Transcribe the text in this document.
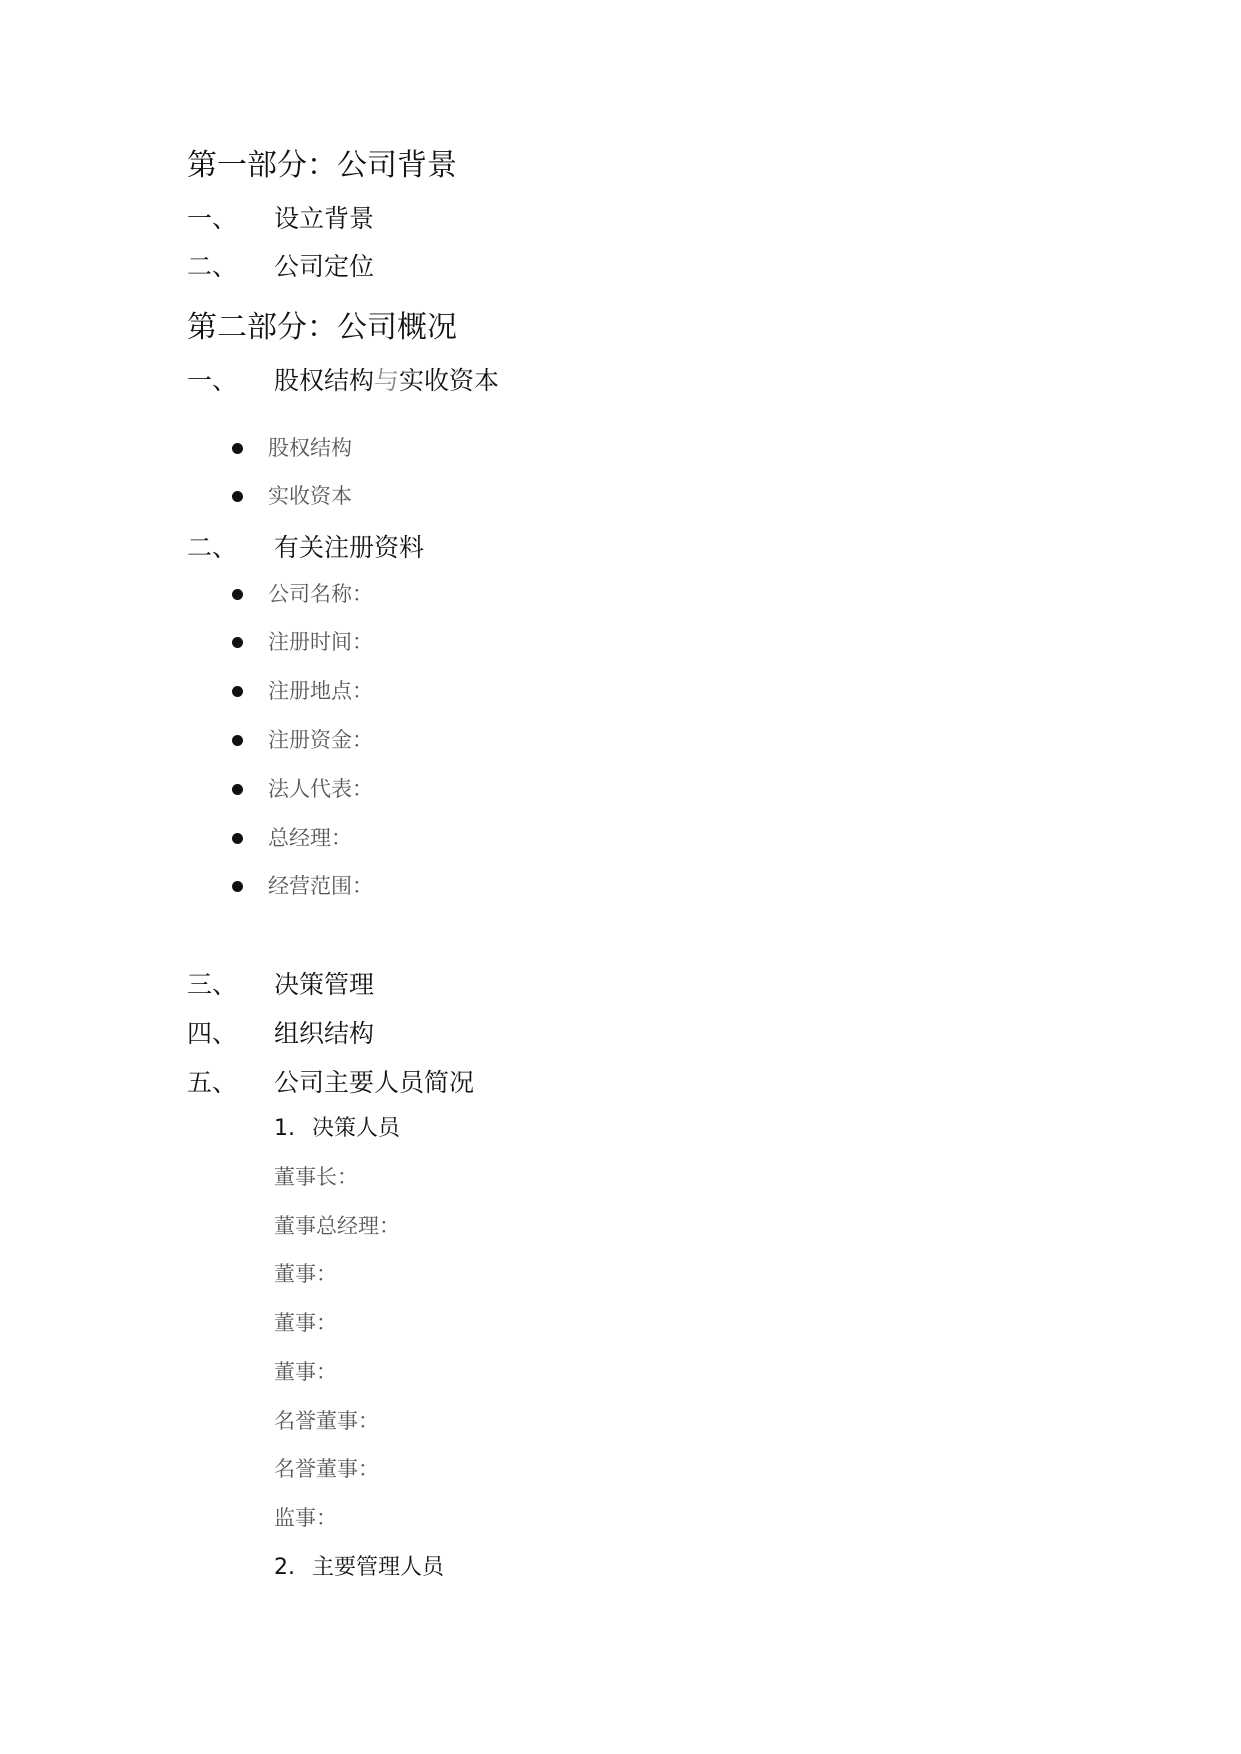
第一部分：公司背景
一、 设立背景
二、 公司定位
第二部分：公司概况
一、 股权结构与实收资本
股权结构
实收资本
二、 有关注册资料
公司名称：
注册时间：
注册地点：
注册资金：
法人代表：
总经理：
经营范围：
三、 决策管理
四、 组织结构
五、 公司主要人员简况
1. 决策人员
董事长：
董事总经理：
董事：
董事：
董事：
名誉董事：
名誉董事：
监事：
2. 主要管理人员
